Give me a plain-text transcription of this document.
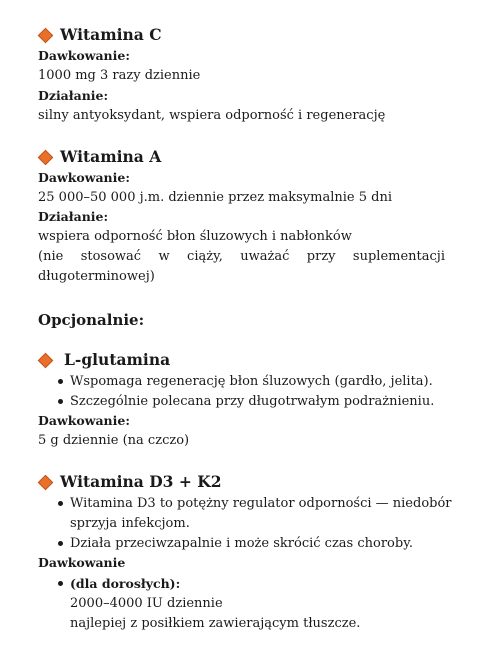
Witamina C
Dawkowanie:
1000 mg 3 razy dziennie
Działanie:
silny antyoksydant, wspiera odporność i regenerację
Witamina A
Dawkowanie:
25 000–50 000 j.m. dziennie przez maksymalnie 5 dni
Działanie:
wspiera odporność błon śluzowych i nabłonków
(nie stosować w ciąży, uważać przy suplementacji
długoterminowej)
Opcjonalnie:
L-glutamina
Wspomaga regenerację błon śluzowych (gardło, jelita).
Szczególnie polecana przy długotrwałym podrażnieniu.
Dawkowanie:
5 g dziennie (na czczo)
Witamina D3 + K2
Witamina D3 to potężny regulator odporności — niedobór
sprzyja infekcjom.
Działa przeciwzapalnie i może skrócić czas choroby.
Dawkowanie
(dla dorosłych):
2000–4000 IU dziennie
najlepiej z posiłkiem zawierającym tłuszcze.
